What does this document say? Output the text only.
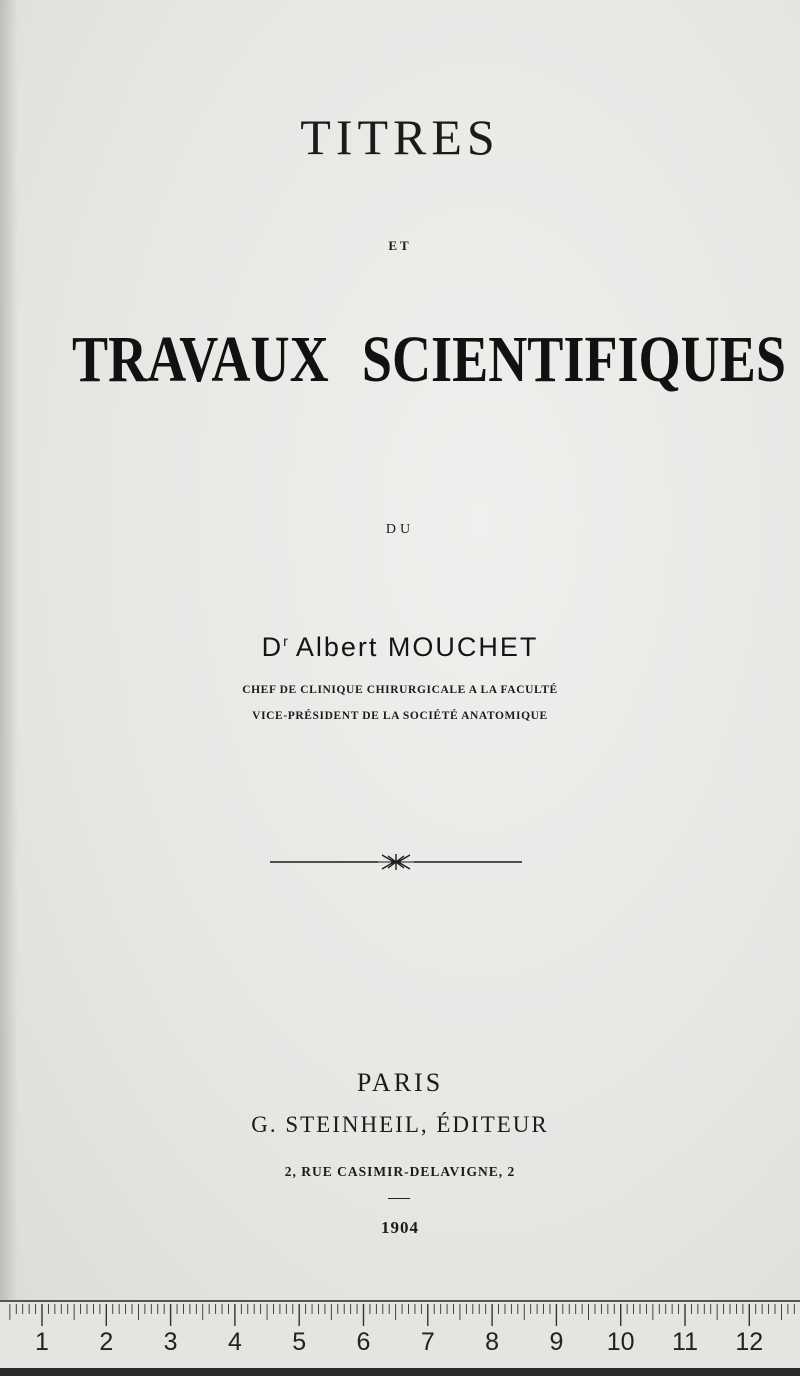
TITRES
ET
TRAVAUX SCIENTIFIQUES
DU
$D^r$ Albert MOUCHET
CHEF DE CLINIQUE CHIRURGICALE A LA FACULTÉ
VICE-PRÉSIDENT DE LA SOCIÉTÉ ANATOMIQUE
PARIS
G. STEINHEIL, ÉDITEUR
2, RUE CASIMIR-DELAVIGNE, 2
1904
1 2 3 4 5 6 7 8 9 10 11 12
